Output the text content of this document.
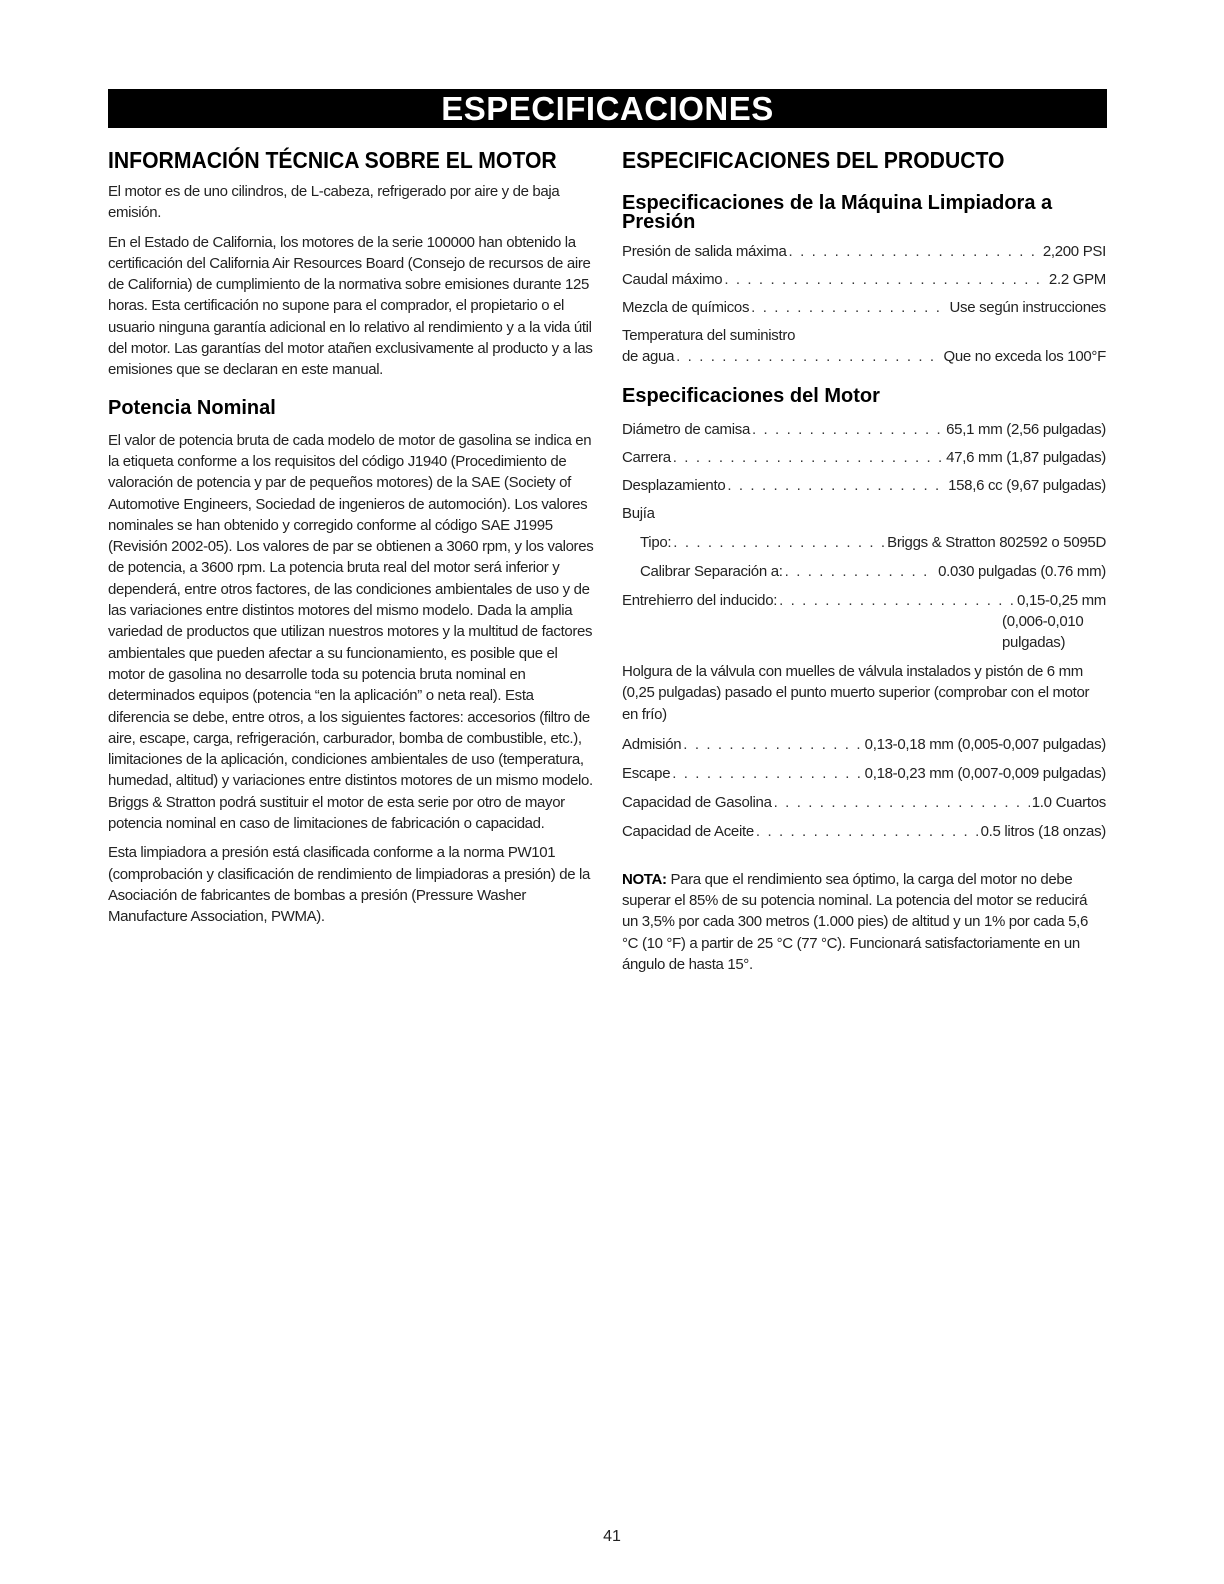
ESPECIFICACIONES
INFORMACIÓN TÉCNICA SOBRE EL MOTOR

El motor es de uno cilindros, de L-cabeza, refrigerado por aire y de baja emisión.

En el Estado de California, los motores de la serie 100000 han obtenido la certificación del California Air Resources Board (Consejo de recursos de aire de California) de cumplimiento de la normativa sobre emisiones durante 125 horas. Esta certificación no supone para el comprador, el propietario o el usuario ninguna garantía adicional en lo relativo al rendimiento y a la vida útil del motor. Las garantías del motor atañen exclusivamente al producto y a las emisiones que se declaran en este manual.

Potencia Nominal

El valor de potencia bruta de cada modelo de motor de gasolina se indica en la etiqueta conforme a los requisitos del código J1940 (Procedimiento de valoración de potencia y par de pequeños motores) de la SAE (Society of Automotive Engineers, Sociedad de ingenieros de automoción). Los valores nominales se han obtenido y corregido conforme al código SAE J1995 (Revisión 2002-05). Los valores de par se obtienen a 3060 rpm, y los valores de potencia, a 3600 rpm. La potencia bruta real del motor será inferior y dependerá, entre otros factores, de las condiciones ambientales de uso y de las variaciones entre distintos motores del mismo modelo. Dada la amplia variedad de productos que utilizan nuestros motores y la multitud de factores ambientales que pueden afectar a su funcionamiento, es posible que el motor de gasolina no desarrolle toda su potencia bruta nominal en determinados equipos (potencia “en la aplicación” o neta real). Esta diferencia se debe, entre otros, a los siguientes factores: accesorios (filtro de aire, escape, carga, refrigeración, carburador, bomba de combustible, etc.), limitaciones de la aplicación, condiciones ambientales de uso (temperatura, humedad, altitud) y variaciones entre distintos motores de un mismo modelo. Briggs & Stratton podrá sustituir el motor de esta serie por otro de mayor potencia nominal en caso de limitaciones de fabricación o capacidad.

Esta limpiadora a presión está clasificada conforme a la norma PW101 (comprobación y clasificación de rendimiento de limpiadoras a presión) de la Asociación de fabricantes de bombas a presión (Pressure Washer Manufacture Association, PWMA).

ESPECIFICACIONES DEL PRODUCTO
Especificaciones de la Máquina Limpiadora a Presión
Presión de salida máxima . . .	2,200 PSI
Caudal máximo . . .	2.2 GPM
Mezcla de químicos . . .	Use según instrucciones
Temperatura del suministro
de agua . . .	Que no exceda los 100°F
Especificaciones del Motor
Diámetro de camisa . . .	65,1 mm (2,56 pulgadas)
Carrera . . .	47,6 mm (1,87 pulgadas)
Desplazamiento . . .	158,6 cc (9,67 pulgadas)
Bujía
Tipo: . . .	Briggs & Stratton 802592 o 5095D
Calibrar Separación a: . . .	0.030 pulgadas (0.76 mm)
Entrehierro del inducido: . . .	0,15-0,25 mm
(0,006-0,010
pulgadas)

Holgura de la válvula con muelles de válvula instalados y pistón de 6 mm (0,25 pulgadas) pasado el punto muerto superior (comprobar con el motor en frío)

Admisión . . .	0,13-0,18 mm (0,005-0,007 pulgadas)
Escape . . .	0,18-0,23 mm (0,007-0,009 pulgadas)
Capacidad de Gasolina . . .	1.0 Cuartos
Capacidad de Aceite . . .	0.5 litros (18 onzas)

NOTA: Para que el rendimiento sea óptimo, la carga del motor no debe superar el 85% de su potencia nominal. La potencia del motor se reducirá un 3,5% por cada 300 metros (1.000 pies) de altitud y un 1% por cada 5,6 °C (10 °F) a partir de 25 °C (77 °C). Funcionará satisfactoriamente en un ángulo de hasta 15°.

41
